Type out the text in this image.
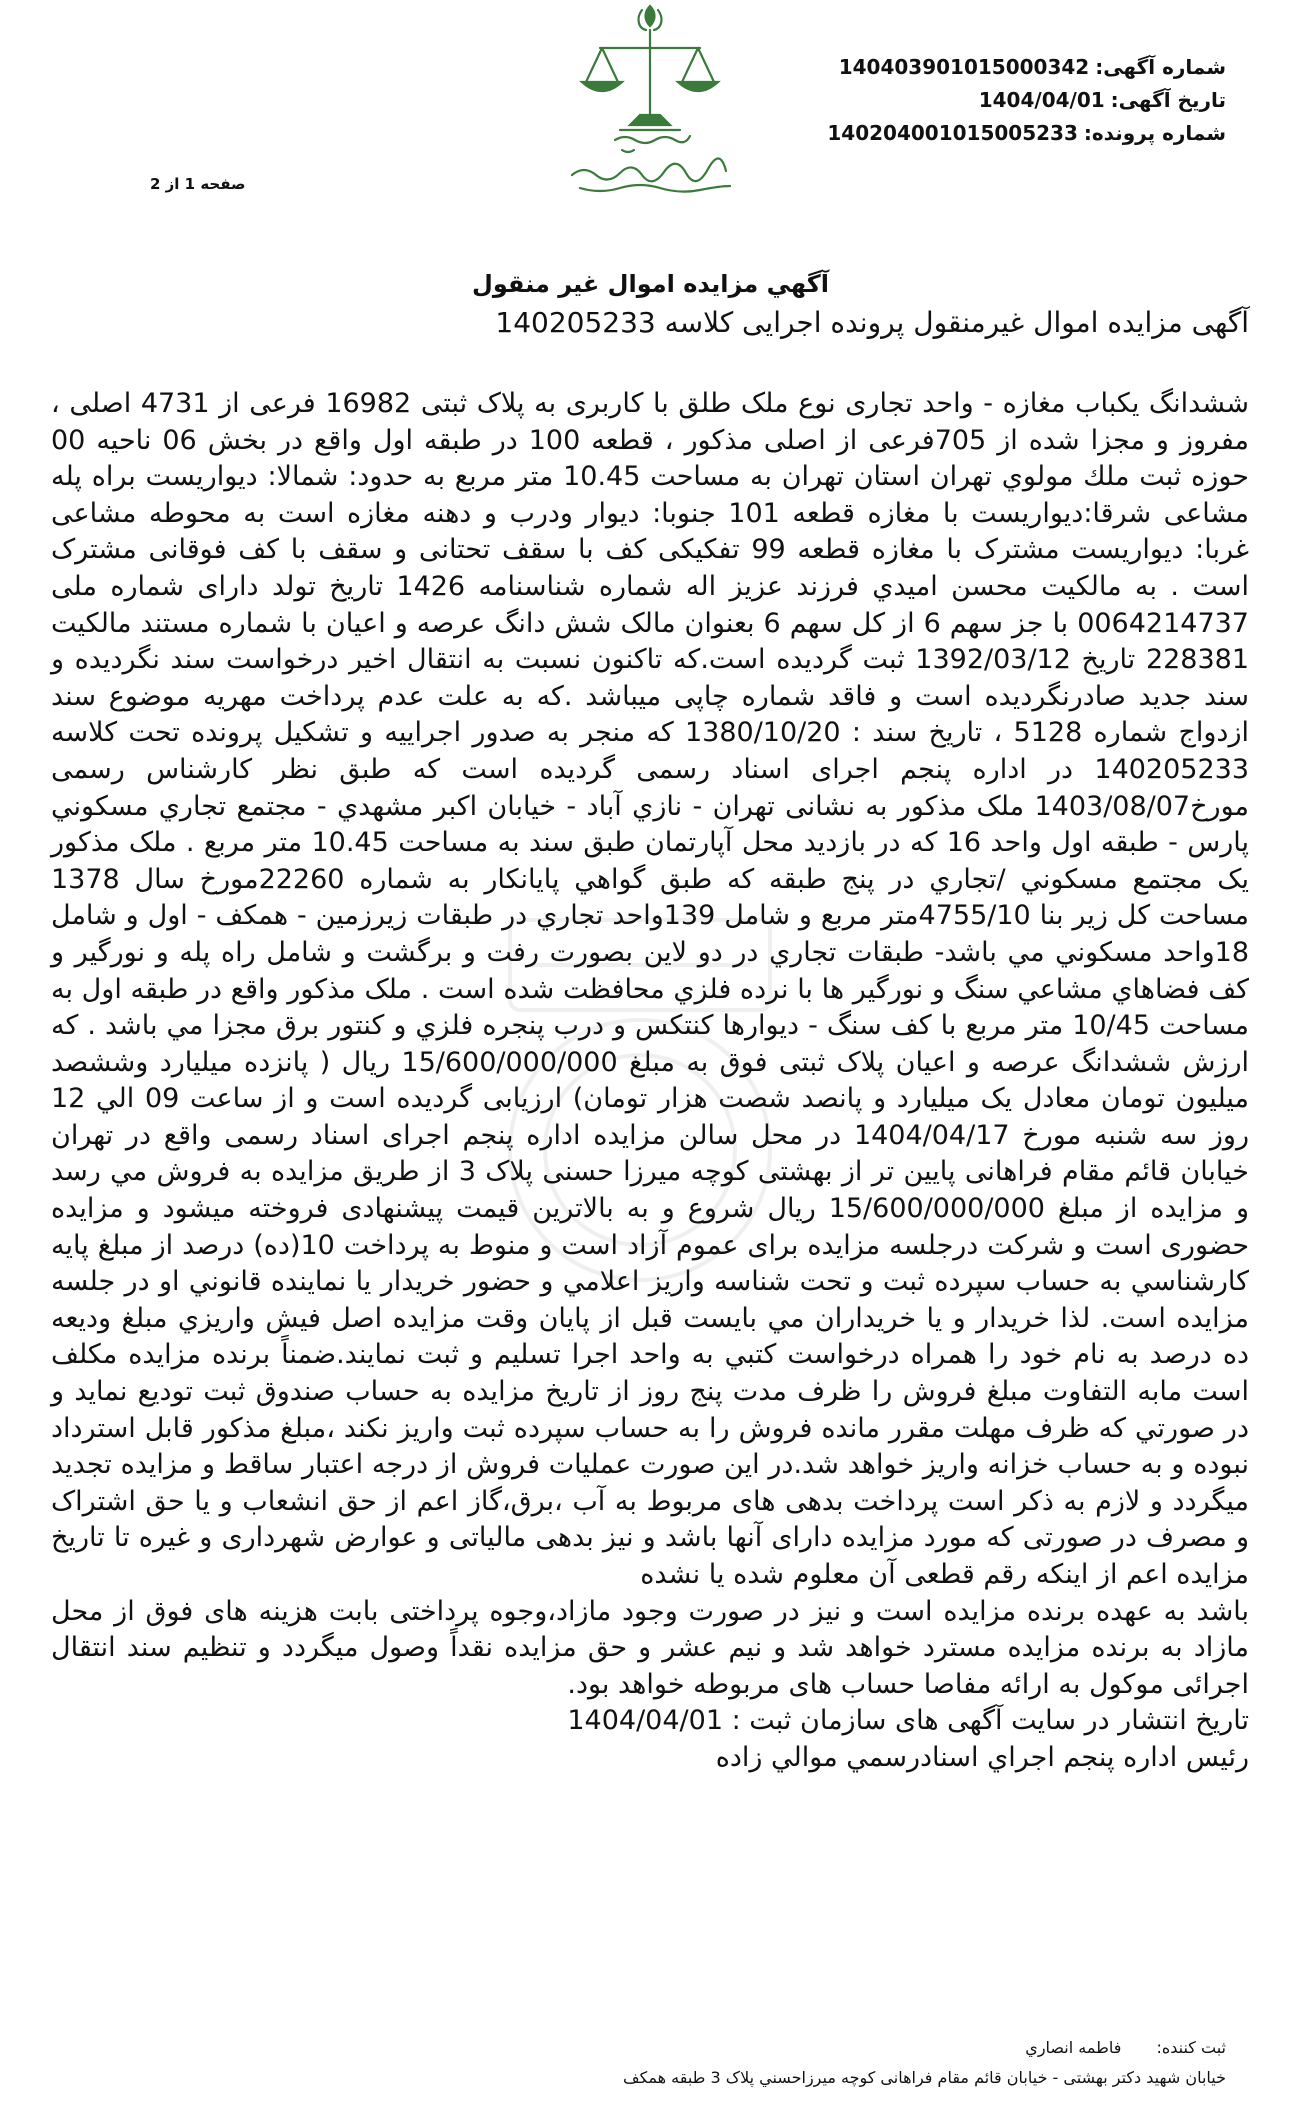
شماره آگهی:
140403901015000342
تاریخ آگهی:
1404/04/01
شماره پرونده:
140204001015005233
صفحه 1 از 2
آگهي مزايده اموال غير منقول
آگهی مزایده اموال غیرمنقول پرونده اجرایی کلاسه 140205233

ششدانگ یکباب مغازه - واحد تجاری نوع ملک طلق با کاربری به پلاک ثبتی 16982 فرعی از 4731 اصلی ، مفروز و مجزا شده از 705فرعی از اصلی مذکور ، قطعه 100 در طبقه اول واقع در بخش 06 ناحیه 00 حوزه ثبت ملك مولوي تهران استان تهران به مساحت 10.45 متر مربع به حدود: شمالا: دیواریست براه پله مشاعی شرقا:دیواریست با مغازه قطعه 101 جنوبا: دیوار ودرب و دهنه مغازه است به محوطه مشاعی غربا: دیواریست مشترک با مغازه قطعه 99 تفکیکی کف با سقف تحتانی و سقف با کف فوقانی مشترک است . به مالکیت محسن امیدي فرزند عزیز اله شماره شناسنامه 1426 تاریخ تولد دارای شماره ملی 0064214737 با جز سهم 6 از کل سهم 6 بعنوان مالک شش دانگ عرصه و اعیان با شماره مستند مالکیت 228381 تاریخ 1392/03/12 ثبت گردیده است.كه تاكنون نسبت به انتقال اخیر درخواست سند نگرديده و سند جدید صادرنگرديده است و فاقد شماره چاپی میباشد .كه به علت عدم پرداخت مهريه موضوع سند ازدواج شماره 5128 ، تاریخ سند : 1380/10/20 كه منجر به صدور اجراييه و تشكيل پرونده تحت كلاسه 140205233 در اداره پنجم اجرای اسناد رسمی گرديده است كه طبق نظر كارشناس رسمی مورخ1403/08/07 ملک مذكور به نشانی تهران - نازي آباد - خیابان اكبر مشهدي - مجتمع تجاري مسكوني پارس - طبقه اول واحد 16 كه در بازديد محل آپارتمان طبق سند به مساحت 10.45 متر مربع . ملک مذكور يک مجتمع مسكوني /تجاري در پنج طبقه كه طبق گواهي پايانكار به شماره 22260مورخ سال 1378 مساحت كل زير بنا 4755/10متر مربع و شامل 139واحد تجاري در طبقات زيرزمين - همكف - اول و شامل 18واحد مسكوني مي باشد- طبقات تجاري در دو لاين بصورت رفت و برگشت و شامل راه پله و نورگير و كف فضاهاي مشاعي سنگ و نورگير ها با نرده فلزي محافظت شده است . ملک مذكور واقع در طبقه اول به مساحت 10/45 متر مربع با كف سنگ - ديوارها كنتكس و درب پنجره فلزي و كنتور برق مجزا مي باشد . كه ارزش ششدانگ عرصه و اعیان پلاک ثبتی فوق به مبلغ 15/600/000/000 ريال ( پانزده میلیارد وششصد میلیون تومان معادل یک میلیارد و پانصد شصت هزار تومان) ارزيابی گرديده است و از ساعت 09 الي 12 روز سه شنبه مورخ 1404/04/17 در محل سالن مزايده اداره پنجم اجرای اسناد رسمی واقع در تهران خيابان قائم مقام فراهانی پايين تر از بهشتی كوچه ميرزا حسنی پلاک 3 از طريق مزايده به فروش مي رسد و مزايده از مبلغ 15/600/000/000 ريال شروع و به بالاترين قيمت پيشنهادی فروخته ميشود و مزايده حضوری است و شركت درجلسه مزايده برای عموم آزاد است و منوط به پرداخت 10(ده) درصد از مبلغ پايه كارشناسي به حساب سپرده ثبت و تحت شناسه واريز اعلامي و حضور خريدار يا نماينده قانوني او در جلسه مزايده است. لذا خريدار و يا خريداران مي بايست قبل از پايان وقت مزايده اصل فيش واريزي مبلغ وديعه ده درصد به نام خود را همراه درخواست كتبي به واحد اجرا تسليم و ثبت نمايند.ضمناً برنده مزايده مكلف است مابه التفاوت مبلغ فروش را ظرف مدت پنج روز از تاريخ مزايده به حساب صندوق ثبت توديع نمايد و در صورتي كه ظرف مهلت مقرر مانده فروش را به حساب سپرده ثبت واريز نكند ،مبلغ مذكور قابل استرداد نبوده و به حساب خزانه واريز خواهد شد.در اين صورت عمليات فروش از درجه اعتبار ساقط و مزايده تجديد ميگردد و لازم به ذكر است پرداخت بدهی های مربوط به آب ،برق،گاز اعم از حق انشعاب و يا حق اشتراک و مصرف در صورتی كه مورد مزايده دارای آنها باشد و نيز بدهی مالياتی و عوارض شهرداری و غيره تا تاريخ مزايده اعم از اينكه رقم قطعی آن معلوم شده يا نشده

باشد به عهده برنده مزايده است و نيز در صورت وجود مازاد،وجوه پرداختی بابت هزينه های فوق از محل مازاد به برنده مزايده مسترد خواهد شد و نيم عشر و حق مزايده نقداً وصول ميگردد و تنظيم سند انتقال اجرائی موكول به ارائه مفاصا حساب های مربوطه خواهد بود.

تاریخ انتشار در سایت آگهی های سازمان ثبت : 1404/04/01

رئيس اداره پنجم اجراي اسنادرسمي موالي زاده

ثبت کننده: فاطمه انصاري
خیابان شهید دکتر بهشتی - خیابان قائم مقام فراهانی کوچه میرزاحسني پلاک 3 طبقه همکف
